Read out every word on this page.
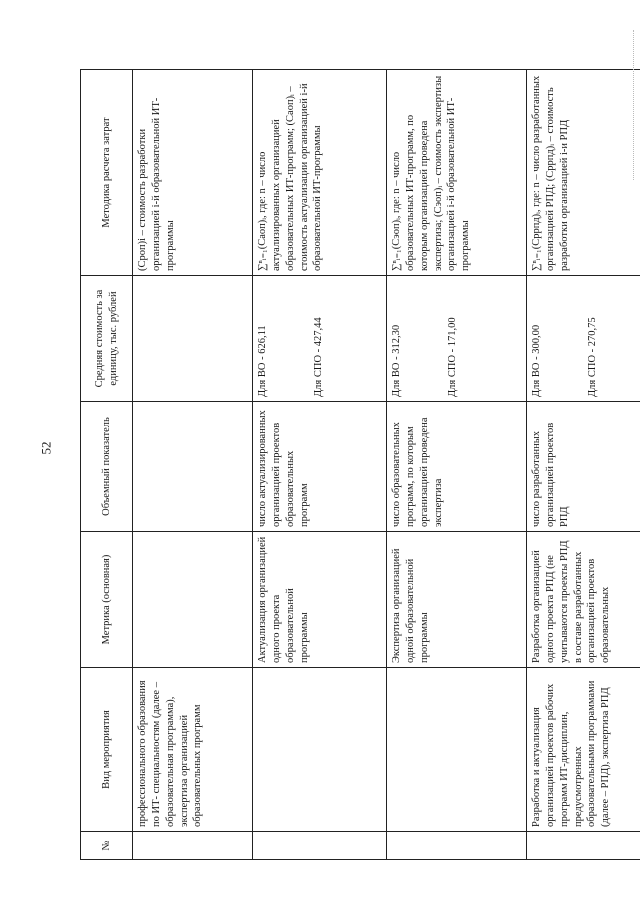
52
№	Вид мероприятия	Метрика (основная)	Объемный показатель	Средняя стоимость за единицу, тыс. рублей	Методика расчета затрат
	профессионального образования по ИТ- специальностям (далее – образовательная программа), экспертиза организацией образовательных программ				(Cрoп)i – стоимость разработки организацией i-й образовательной ИТ-программы
		Актуализация организацией одного проекта образовательной программы	число актуализированных организацией проектов образовательных программ	Для ВО - 626,11 Для СПО - 427,44	∑ⁿᵢ₌₁(Cаоп)ᵢ, где: n – число актуализированных организацией образовательных ИТ-программ; (Cаоп)ᵢ – стоимость актуализации организацией i-й образовательной ИТ-программы
		Экспертиза организацией одной образовательной программы	число образовательных программ, по которым организацией проведена экспертиза	Для ВО - 312,30 Для СПО - 171,00	∑ⁿᵢ₌₁(Cэоп)ᵢ, где: n – число образовательных ИТ-программ, по которым организацией проведена экспертиза; (Cэоп)ᵢ – стоимость экспертизы организацией i-й образовательной ИТ-программы
	Разработка и актуализация организацией проектов рабочих программ ИТ-дисциплин, предусмотренных образовательными программами (далее – РПД), экспертиза РПД	Разработка организацией одного проекта РПД (не учитываются проекты РПД в составе разработанных организацией проектов образовательных	число разработанных организацией проектов РПД	Для ВО - 300,00 Для СПО - 270,75	∑ⁿᵢ₌₁(Cррпд)ᵢ, где: n – число разработанных организацией РПД; (Cррпд)ᵢ – стоимость разработки организацией i-и РПД
